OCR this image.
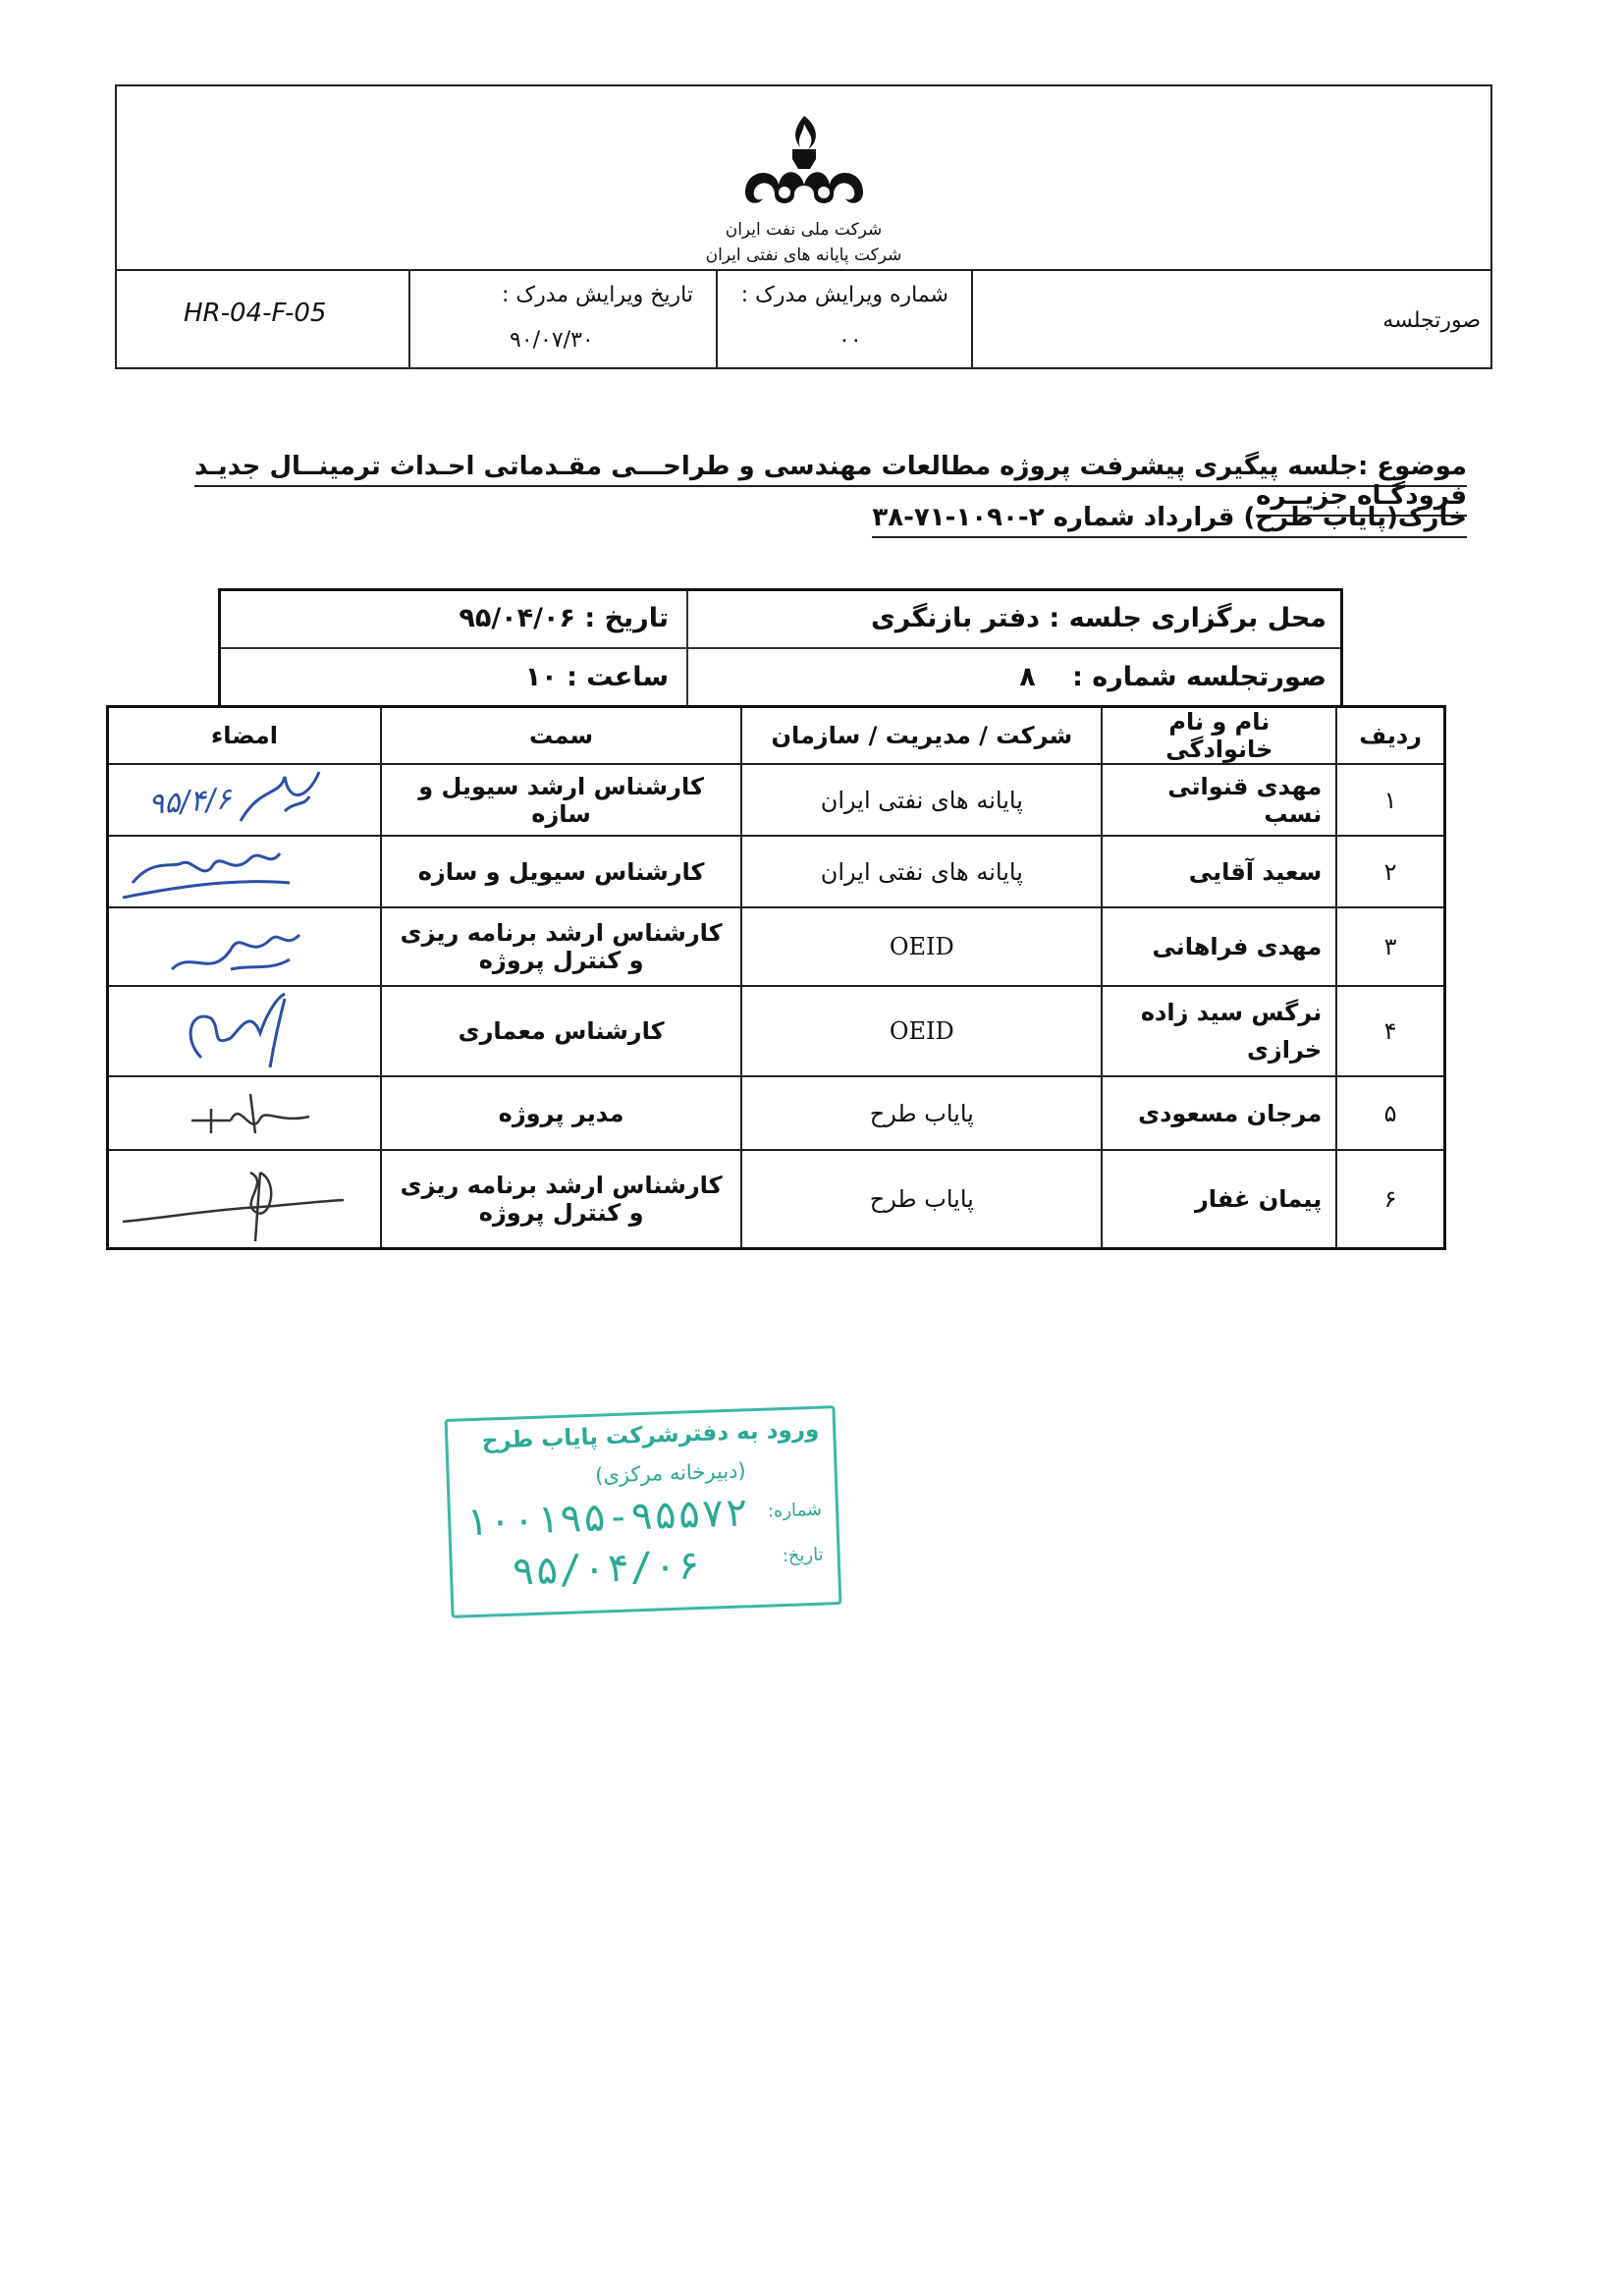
شرکت ملی نفت ایران
شرکت پایانه های نفتی ایران
صورتجلسه
شماره ویرایش مدرک :
۰۰
تاریخ ویرایش مدرک :
۹۰/۰۷/۳۰
HR-04-F-05
موضوع :جلسه پیگیری پیشرفت پروژه مطالعات مهندسی و طراحـــی مقـدماتی احـداث ترمینــال جدیـد فرودگـاه جزیــره
خارک(پایاب طرح) قرارداد شماره ۲-۱۰۹۰-۷۱-۳۸
محل برگزاری جلسه : دفتر بازنگری
تاریخ : ۹۵/۰۴/۰۶
صورتجلسه شماره : ۸
ساعت : ۱۰
ردیف	نام و نام خانوادگی	شرکت / مدیریت / سازمان	سمت	امضاء
۱	مهدی قنواتی نسب	پایانه های نفتی ایران	کارشناس ارشد سیویل و سازه	۹۵/۴/۶

۲	سعید آقایی	پایانه های نفتی ایران	کارشناس سیویل و سازه	

۳	مهدی فراهانی	OEID	کارشناس ارشد برنامه ریزی و کنترل پروژه	

۴	نرگس سید زاده خرازی	OEID	کارشناس معماری	

۵	مرجان مسعودی	پایاب طرح	مدیر پروژه	

۶	پیمان غفار	پایاب طرح	کارشناس ارشد برنامه ریزی و کنترل پروژه	
ورود به دفترشرکت پایاب طرح
(دبیرخانه مرکزی)
شماره:
تاریخ:
۱۰۰۱۹۵-۹۵۵۷۲
۹۵/۰۴/۰۶
